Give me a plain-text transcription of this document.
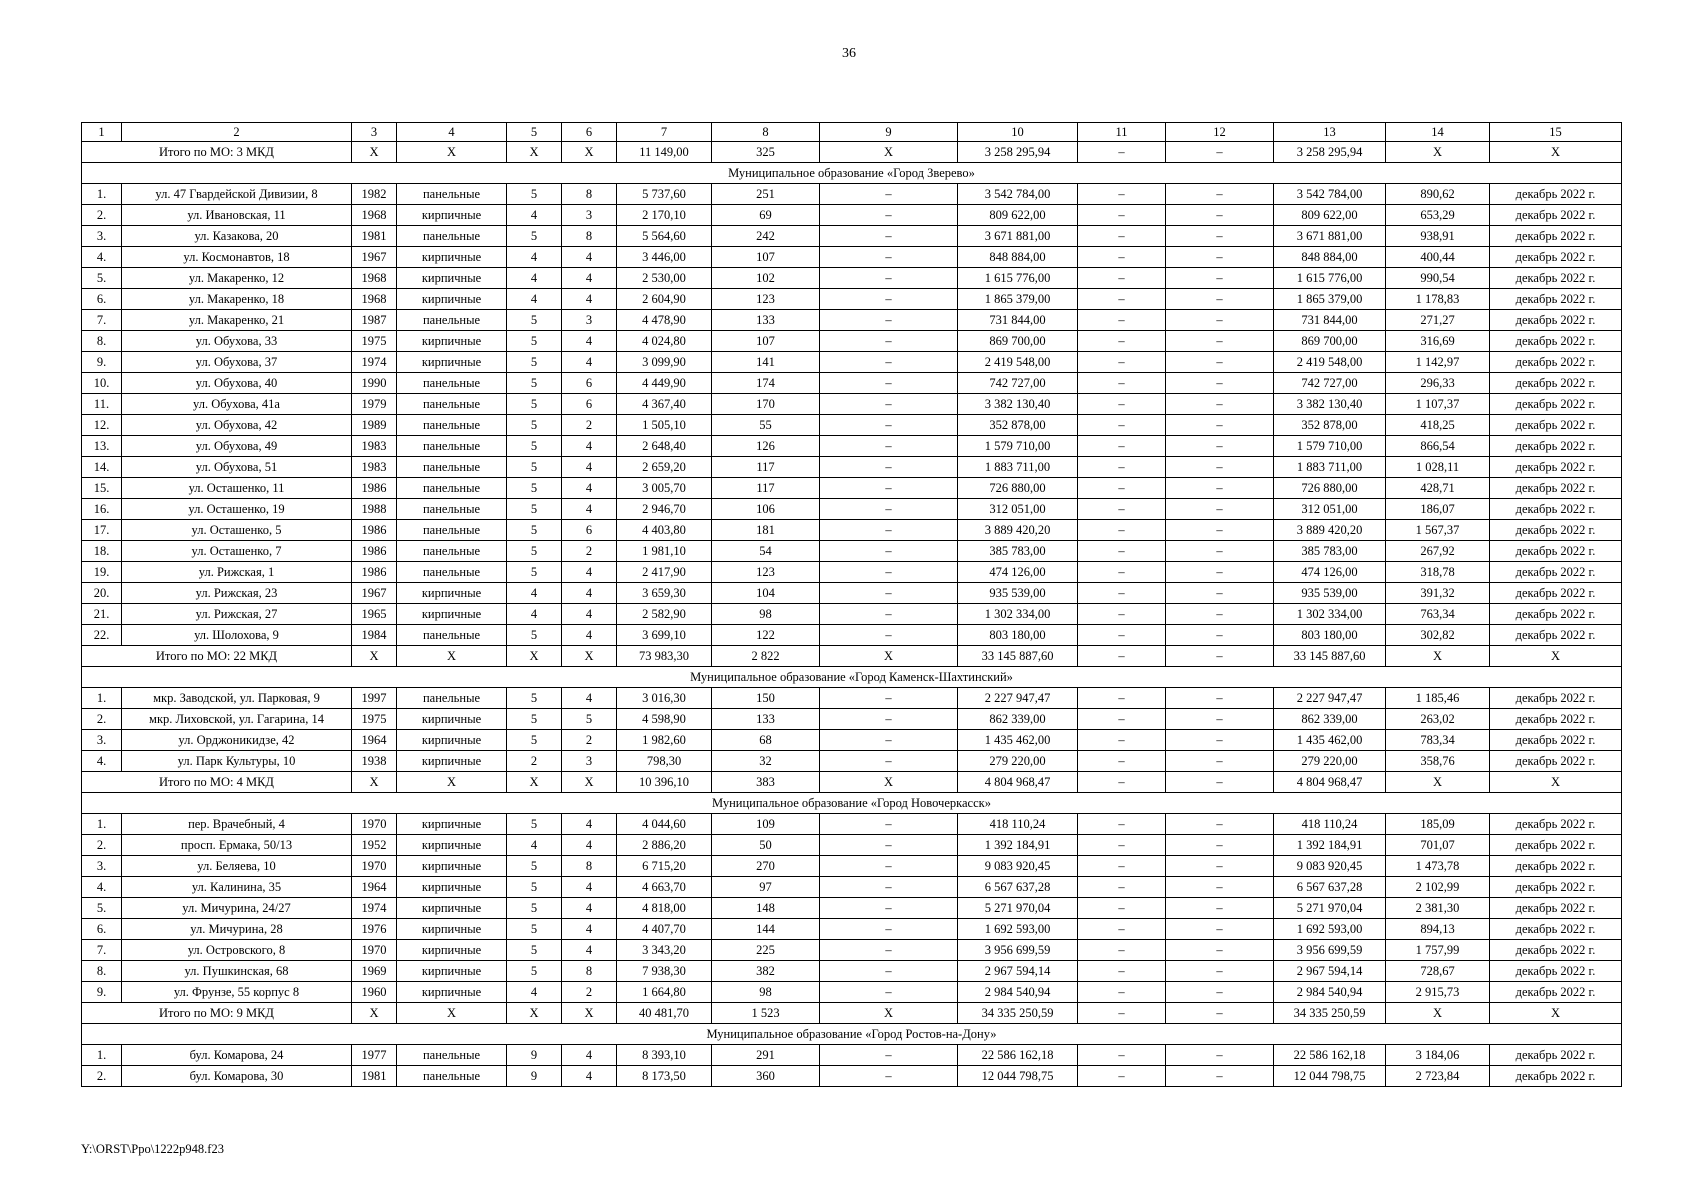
36
1	2	3	4	5	6	7	8	9	10	11	12	13	14	15
Итого по МО: 3 МКД		X	X	X	X	11 149,00	325	X	3 258 295,94	–	–	3 258 295,94	X	X
Муниципальное образование «Город Зверево»														
1.	ул. 47 Гвардейской Дивизии, 8	1982	панельные	5	8	5 737,60	251	–	3 542 784,00	–	–	3 542 784,00	890,62	декабрь 2022 г.
2.	ул. Ивановская, 11	1968	кирпичные	4	3	2 170,10	69	–	809 622,00	–	–	809 622,00	653,29	декабрь 2022 г.
3.	ул. Казакова, 20	1981	панельные	5	8	5 564,60	242	–	3 671 881,00	–	–	3 671 881,00	938,91	декабрь 2022 г.
4.	ул. Космонавтов, 18	1967	кирпичные	4	4	3 446,00	107	–	848 884,00	–	–	848 884,00	400,44	декабрь 2022 г.
5.	ул. Макаренко, 12	1968	кирпичные	4	4	2 530,00	102	–	1 615 776,00	–	–	1 615 776,00	990,54	декабрь 2022 г.
6.	ул. Макаренко, 18	1968	кирпичные	4	4	2 604,90	123	–	1 865 379,00	–	–	1 865 379,00	1 178,83	декабрь 2022 г.
7.	ул. Макаренко, 21	1987	панельные	5	3	4 478,90	133	–	731 844,00	–	–	731 844,00	271,27	декабрь 2022 г.
8.	ул. Обухова, 33	1975	кирпичные	5	4	4 024,80	107	–	869 700,00	–	–	869 700,00	316,69	декабрь 2022 г.
9.	ул. Обухова, 37	1974	кирпичные	5	4	3 099,90	141	–	2 419 548,00	–	–	2 419 548,00	1 142,97	декабрь 2022 г.
10.	ул. Обухова, 40	1990	панельные	5	6	4 449,90	174	–	742 727,00	–	–	742 727,00	296,33	декабрь 2022 г.
11.	ул. Обухова, 41а	1979	панельные	5	6	4 367,40	170	–	3 382 130,40	–	–	3 382 130,40	1 107,37	декабрь 2022 г.
12.	ул. Обухова, 42	1989	панельные	5	2	1 505,10	55	–	352 878,00	–	–	352 878,00	418,25	декабрь 2022 г.
13.	ул. Обухова, 49	1983	панельные	5	4	2 648,40	126	–	1 579 710,00	–	–	1 579 710,00	866,54	декабрь 2022 г.
14.	ул. Обухова, 51	1983	панельные	5	4	2 659,20	117	–	1 883 711,00	–	–	1 883 711,00	1 028,11	декабрь 2022 г.
15.	ул. Осташенко, 11	1986	панельные	5	4	3 005,70	117	–	726 880,00	–	–	726 880,00	428,71	декабрь 2022 г.
16.	ул. Осташенко, 19	1988	панельные	5	4	2 946,70	106	–	312 051,00	–	–	312 051,00	186,07	декабрь 2022 г.
17.	ул. Осташенко, 5	1986	панельные	5	6	4 403,80	181	–	3 889 420,20	–	–	3 889 420,20	1 567,37	декабрь 2022 г.
18.	ул. Осташенко, 7	1986	панельные	5	2	1 981,10	54	–	385 783,00	–	–	385 783,00	267,92	декабрь 2022 г.
19.	ул. Рижская, 1	1986	панельные	5	4	2 417,90	123	–	474 126,00	–	–	474 126,00	318,78	декабрь 2022 г.
20.	ул. Рижская, 23	1967	кирпичные	4	4	3 659,30	104	–	935 539,00	–	–	935 539,00	391,32	декабрь 2022 г.
21.	ул. Рижская, 27	1965	кирпичные	4	4	2 582,90	98	–	1 302 334,00	–	–	1 302 334,00	763,34	декабрь 2022 г.
22.	ул. Шолохова, 9	1984	панельные	5	4	3 699,10	122	–	803 180,00	–	–	803 180,00	302,82	декабрь 2022 г.
Итого по МО: 22 МКД		X	X	X	X	73 983,30	2 822	X	33 145 887,60	–	–	33 145 887,60	X	X
Муниципальное образование «Город Каменск-Шахтинский»														
1.	мкр. Заводской, ул. Парковая, 9	1997	панельные	5	4	3 016,30	150	–	2 227 947,47	–	–	2 227 947,47	1 185,46	декабрь 2022 г.
2.	мкр. Лиховской, ул. Гагарина, 14	1975	кирпичные	5	5	4 598,90	133	–	862 339,00	–	–	862 339,00	263,02	декабрь 2022 г.
3.	ул. Орджоникидзе, 42	1964	кирпичные	5	2	1 982,60	68	–	1 435 462,00	–	–	1 435 462,00	783,34	декабрь 2022 г.
4.	ул. Парк Культуры, 10	1938	кирпичные	2	3	798,30	32	–	279 220,00	–	–	279 220,00	358,76	декабрь 2022 г.
Итого по МО: 4 МКД		X	X	X	X	10 396,10	383	X	4 804 968,47	–	–	4 804 968,47	X	X
Муниципальное образование «Город Новочеркасск»														
1.	пер. Врачебный, 4	1970	кирпичные	5	4	4 044,60	109	–	418 110,24	–	–	418 110,24	185,09	декабрь 2022 г.
2.	просп. Ермака, 50/13	1952	кирпичные	4	4	2 886,20	50	–	1 392 184,91	–	–	1 392 184,91	701,07	декабрь 2022 г.
3.	ул. Беляева, 10	1970	кирпичные	5	8	6 715,20	270	–	9 083 920,45	–	–	9 083 920,45	1 473,78	декабрь 2022 г.
4.	ул. Калинина, 35	1964	кирпичные	5	4	4 663,70	97	–	6 567 637,28	–	–	6 567 637,28	2 102,99	декабрь 2022 г.
5.	ул. Мичурина, 24/27	1974	кирпичные	5	4	4 818,00	148	–	5 271 970,04	–	–	5 271 970,04	2 381,30	декабрь 2022 г.
6.	ул. Мичурина, 28	1976	кирпичные	5	4	4 407,70	144	–	1 692 593,00	–	–	1 692 593,00	894,13	декабрь 2022 г.
7.	ул. Островского, 8	1970	кирпичные	5	4	3 343,20	225	–	3 956 699,59	–	–	3 956 699,59	1 757,99	декабрь 2022 г.
8.	ул. Пушкинская, 68	1969	кирпичные	5	8	7 938,30	382	–	2 967 594,14	–	–	2 967 594,14	728,67	декабрь 2022 г.
9.	ул. Фрунзе, 55 корпус 8	1960	кирпичные	4	2	1 664,80	98	–	2 984 540,94	–	–	2 984 540,94	2 915,73	декабрь 2022 г.
Итого по МО: 9 МКД		X	X	X	X	40 481,70	1 523	X	34 335 250,59	–	–	34 335 250,59	X	X
Муниципальное образование «Город Ростов-на-Дону»														
1.	бул. Комарова, 24	1977	панельные	9	4	8 393,10	291	–	22 586 162,18	–	–	22 586 162,18	3 184,06	декабрь 2022 г.
2.	бул. Комарова, 30	1981	панельные	9	4	8 173,50	360	–	12 044 798,75	–	–	12 044 798,75	2 723,84	декабрь 2022 г.
Y:\ORST\Ppo\1222p948.f23
